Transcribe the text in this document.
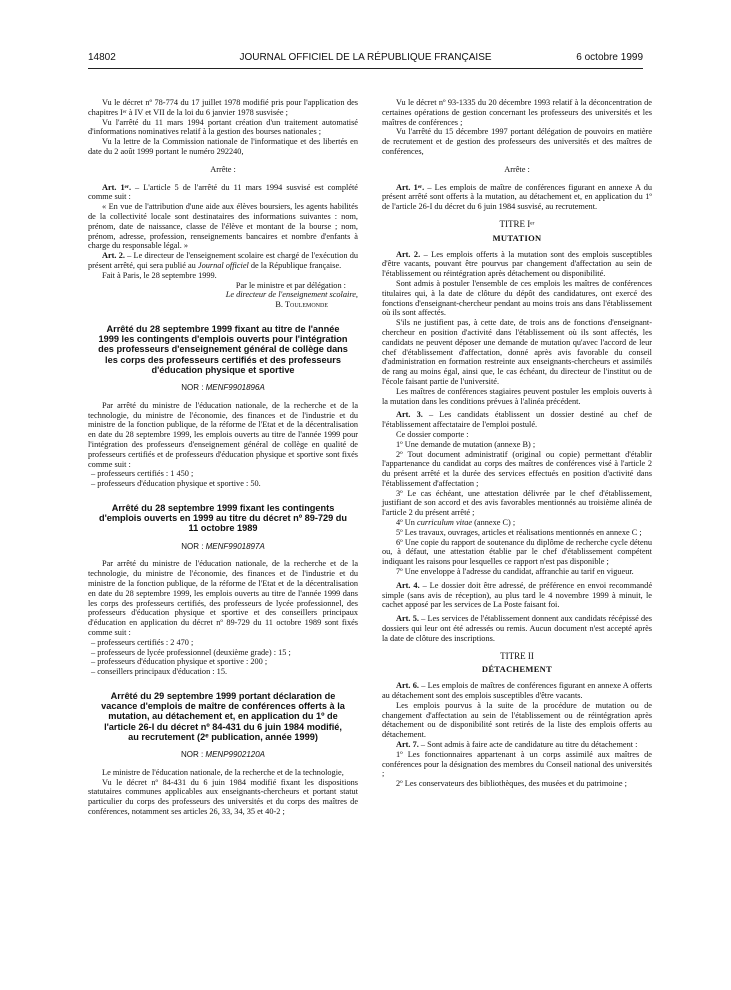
14802	JOURNAL OFFICIEL DE LA RÉPUBLIQUE FRANÇAISE	6 octobre 1999

Vu le décret nº 78-774 du 17 juillet 1978 modifié pris pour l'application des chapitres Iᵉʳ à IV et VII de la loi du 6 janvier 1978 susvisée ;

Vu l'arrêté du 11 mars 1994 portant création d'un traitement automatisé d'informations nominatives relatif à la gestion des bourses nationales ;

Vu la lettre de la Commission nationale de l'informatique et des libertés en date du 2 août 1999 portant le numéro 292240,

Arrête :

Art. 1ᵉʳ. – L'article 5 de l'arrêté du 11 mars 1994 susvisé est complété comme suit :

« En vue de l'attribution d'une aide aux élèves boursiers, les agents habilités de la collectivité locale sont destinataires des informations suivantes : nom, prénom, date de naissance, classe de l'élève et montant de la bourse ; nom, prénom, adresse, profession, renseignements bancaires et nombre d'enfants à charge du responsable légal. »

Art. 2. – Le directeur de l'enseignement scolaire est chargé de l'exécution du présent arrêté, qui sera publié au Journal officiel de la République française.

Fait à Paris, le 28 septembre 1999.

Par le ministre et par délégation :

Le directeur de l'enseignement scolaire,

B. Toulemonde

Arrêté du 28 septembre 1999 fixant au titre de l'année 1999 les contingents d'emplois ouverts pour l'intégration des professeurs d'enseignement général de collège dans les corps des professeurs certifiés et des professeurs d'éducation physique et sportive

NOR : MENF9901896A

Par arrêté du ministre de l'éducation nationale, de la recherche et de la technologie, du ministre de l'économie, des finances et de l'industrie et du ministre de la fonction publique, de la réforme de l'Etat et de la décentralisation en date du 28 septembre 1999, les emplois ouverts au titre de l'année 1999 pour l'intégration des professeurs d'enseignement général de collège en qualité de professeurs certifiés et de professeurs d'éducation physique et sportive sont fixés comme suit :

– professeurs certifiés : 1 450 ;

– professeurs d'éducation physique et sportive : 50.

Arrêté du 28 septembre 1999 fixant les contingents d'emplois ouverts en 1999 au titre du décret nº 89-729 du 11 octobre 1989

NOR : MENF9901897A

Par arrêté du ministre de l'éducation nationale, de la recherche et de la technologie, du ministre de l'économie, des finances et de l'industrie et du ministre de la fonction publique, de la réforme de l'Etat et de la décentralisation en date du 28 septembre 1999, les emplois ouverts au titre de l'année 1999 dans les corps des professeurs certifiés, des professeurs de lycée professionnel, des professeurs d'éducation physique et sportive et des conseillers principaux d'éducation en application du décret nº 89-729 du 11 octobre 1989 sont fixés comme suit :

– professeurs certifiés : 2 470 ;

– professeurs de lycée professionnel (deuxième grade) : 15 ;

– professeurs d'éducation physique et sportive : 200 ;

– conseillers principaux d'éducation : 15.

Arrêté du 29 septembre 1999 portant déclaration de vacance d'emplois de maître de conférences offerts à la mutation, au détachement et, en application du 1º de l'article 26-I du décret nº 84-431 du 6 juin 1984 modifié, au recrutement (2ᵉ publication, année 1999)

NOR : MENP9902120A

Le ministre de l'éducation nationale, de la recherche et de la technologie,

Vu le décret nº 84-431 du 6 juin 1984 modifié fixant les dispositions statutaires communes applicables aux enseignants-chercheurs et portant statut particulier du corps des professeurs des universités et du corps des maîtres de conférences, notamment ses articles 26, 33, 34, 35 et 40-2 ;

Vu le décret nº 93-1335 du 20 décembre 1993 relatif à la déconcentration de certaines opérations de gestion concernant les professeurs des universités et les maîtres de conférences ;

Vu l'arrêté du 15 décembre 1997 portant délégation de pouvoirs en matière de recrutement et de gestion des professeurs des universités et des maîtres de conférences,

Arrête :

Art. 1ᵉʳ. – Les emplois de maître de conférences figurant en annexe A du présent arrêté sont offerts à la mutation, au détachement et, en application du 1º de l'article 26-I du décret du 6 juin 1984 susvisé, au recrutement.

TITRE Iᵉʳ

MUTATION

Art. 2. – Les emplois offerts à la mutation sont des emplois susceptibles d'être vacants, pouvant être pourvus par changement d'affectation au sein de l'établissement ou réintégration après détachement ou disponibilité.

Sont admis à postuler l'ensemble de ces emplois les maîtres de conférences titulaires qui, à la date de clôture du dépôt des candidatures, ont exercé des fonctions d'enseignant-chercheur pendant au moins trois ans dans l'établissement où ils sont affectés.

S'ils ne justifient pas, à cette date, de trois ans de fonctions d'enseignant-chercheur en position d'activité dans l'établissement où ils sont affectés, les candidats ne peuvent déposer une demande de mutation qu'avec l'accord de leur chef d'établissement d'affectation, donné après avis favorable du conseil d'administration en formation restreinte aux enseignants-chercheurs et assimilés de rang au moins égal, ainsi que, le cas échéant, du directeur de l'institut ou de l'école faisant partie de l'université.

Les maîtres de conférences stagiaires peuvent postuler les emplois ouverts à la mutation dans les conditions prévues à l'alinéa précédent.

Art. 3. – Les candidats établissent un dossier destiné au chef de l'établissement affectataire de l'emploi postulé.

Ce dossier comporte :

1º Une demande de mutation (annexe B) ;

2º Tout document administratif (original ou copie) permettant d'établir l'appartenance du candidat au corps des maîtres de conférences visé à l'article 2 du présent arrêté et la durée des services effectués en position d'activité dans l'établissement d'affectation ;

3º Le cas échéant, une attestation délivrée par le chef d'établissement, justifiant de son accord et des avis favorables mentionnés au troisième alinéa de l'article 2 du présent arrêté ;

4º Un curriculum vitae (annexe C) ;

5º Les travaux, ouvrages, articles et réalisations mentionnés en annexe C ;

6º Une copie du rapport de soutenance du diplôme de recherche cycle détenu ou, à défaut, une attestation établie par le chef d'établissement compétent indiquant les raisons pour lesquelles ce rapport n'est pas disponible ;

7º Une enveloppe à l'adresse du candidat, affranchie au tarif en vigueur.

Art. 4. – Le dossier doit être adressé, de préférence en envoi recommandé simple (sans avis de réception), au plus tard le 4 novembre 1999 à minuit, le cachet apposé par les services de La Poste faisant foi.

Art. 5. – Les services de l'établissement donnent aux candidats récépissé des dossiers qui leur ont été adressés ou remis. Aucun document n'est accepté après la date de clôture des inscriptions.

TITRE II

DÉTACHEMENT

Art. 6. – Les emplois de maîtres de conférences figurant en annexe A offerts au détachement sont des emplois susceptibles d'être vacants.

Les emplois pourvus à la suite de la procédure de mutation ou de changement d'affectation au sein de l'établissement ou de réintégration après détachement ou de disponibilité sont retirés de la liste des emplois offerts au détachement.

Art. 7. – Sont admis à faire acte de candidature au titre du détachement :

1º Les fonctionnaires appartenant à un corps assimilé aux maîtres de conférences pour la désignation des membres du Conseil national des universités ;

2º Les conservateurs des bibliothèques, des musées et du patrimoine ;
